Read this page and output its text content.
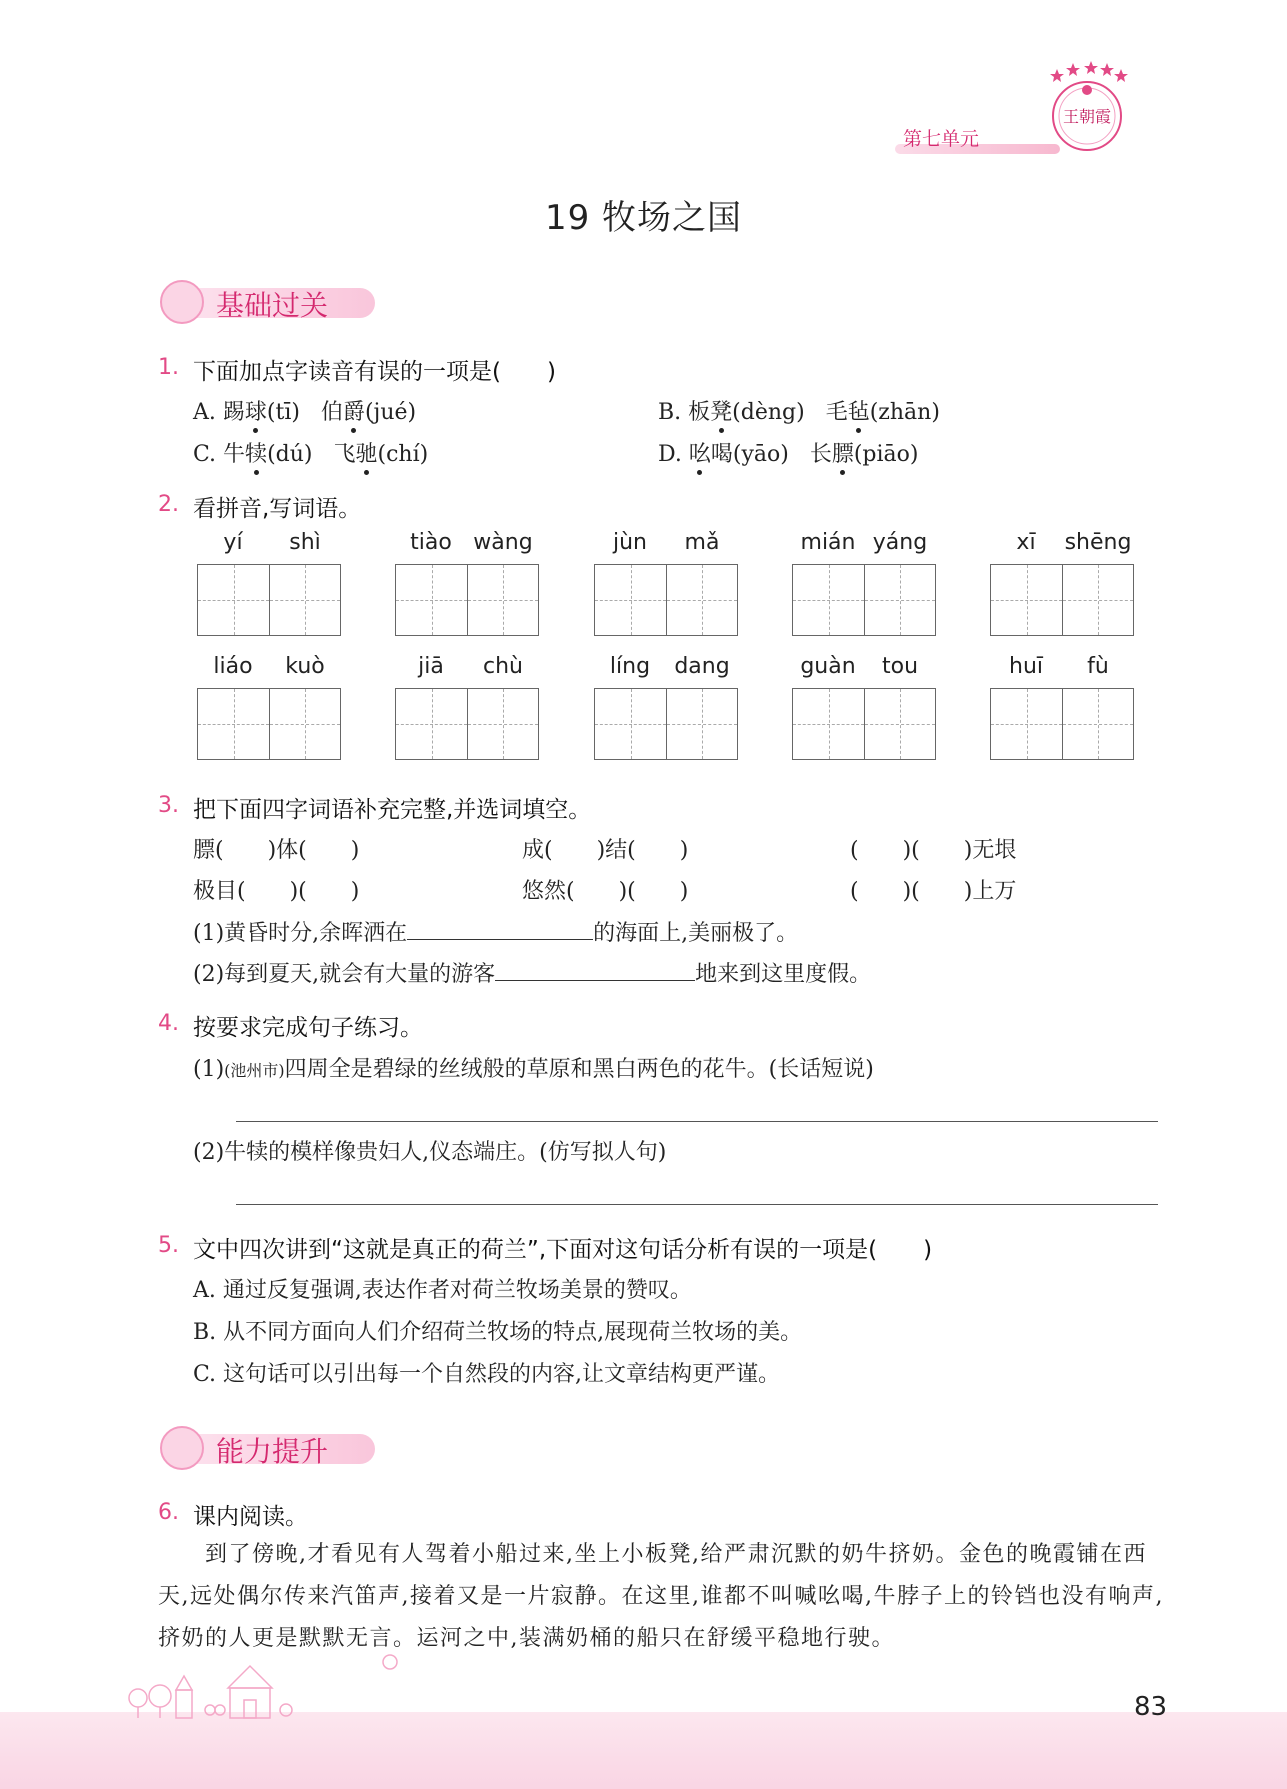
第七单元
王朝霞
19 牧场之国
基础过关
1. 下面加点字读音有误的一项是(　　)
A. 踢球(tī) 伯爵(jué)	B. 板凳(dèng) 毛毡(zhān)
C. 牛犊(dú) 飞驰(chí)	D. 吆喝(yāo) 长膘(piāo)
2. 看拼音,写词语。
yí	shì	tiào wàng	jùn	mǎ	mián yáng	xī	shēng
liáo	kuò	jiā	chù	líng	dang	guàn	tou	huī	fù
3. 把下面四字词语补充完整,并选词填空。
膘(　　)体(　　)	成(　　)结(　　)	(　　)(　　)无垠
极目(　　)(　　)	悠然(　　)(　　)	(　　)(　　)上万
(1)黄昏时分,余晖洒在	的海面上,美丽极了。
(2)每到夏天,就会有大量的游客	地来到这里度假。
4. 按要求完成句子练习。
(1)(池州市)四周全是碧绿的丝绒般的草原和黑白两色的花牛。(长话短说)
(2)牛犊的模样像贵妇人,仪态端庄。(仿写拟人句)
5. 文中四次讲到“这就是真正的荷兰”,下面对这句话分析有误的一项是(　　)
A. 通过反复强调,表达作者对荷兰牧场美景的赞叹。
B. 从不同方面向人们介绍荷兰牧场的特点,展现荷兰牧场的美。
C. 这句话可以引出每一个自然段的内容,让文章结构更严谨。
能力提升
6. 课内阅读。
　　到了傍晚,才看见有人驾着小船过来,坐上小板凳,给严肃沉默的奶牛挤奶。金色的晚霞铺在西天,远处偶尔传来汽笛声,接着又是一片寂静。在这里,谁都不叫喊吆喝,牛脖子上的铃铛也没有响声,挤奶的人更是默默无言。运河之中,装满奶桶的船只在舒缓平稳地行驶。
83
